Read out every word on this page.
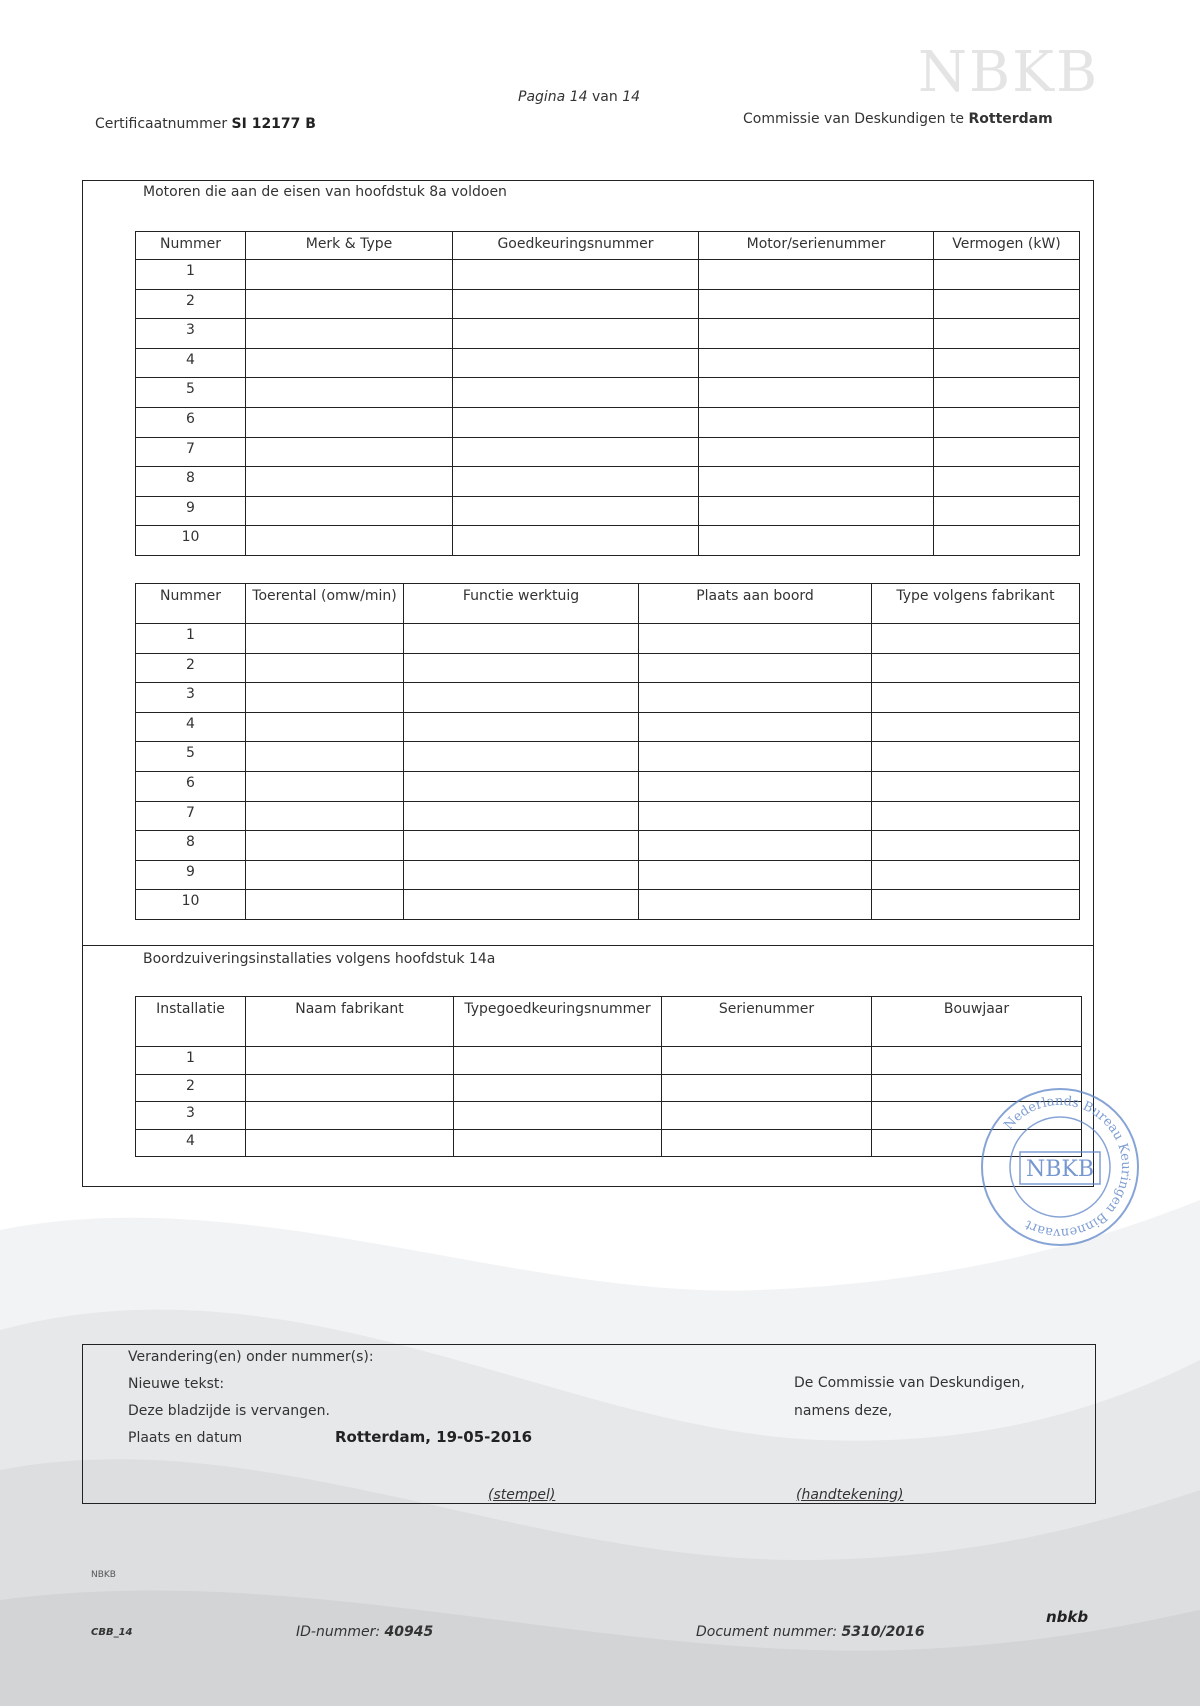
Certificaatnummer SI 12177 B
Pagina 14 van 14
Commissie van Deskundigen te Rotterdam
NBKB
Motoren die aan de eisen van hoofdstuk 8a voldoen
Nummer	Merk & Type	Goedkeuringsnummer	Motor/serienummer	Vermogen (kW)
1				
2				
3				
4				
5				
6				
7				
8				
9				
10				
Nummer	Toerental (omw/min)	Functie werktuig	Plaats aan boord	Type volgens fabrikant
1				
2				
3				
4				
5				
6				
7				
8				
9				
10				
Boordzuiveringsinstallaties volgens hoofdstuk 14a
Installatie	Naam fabrikant	Typegoedkeuringsnummer	Serienummer	Bouwjaar
1				
2				
3				
4				
Nederlands Bureau Keuringen Binnenvaart
NBKB
Verandering(en) onder nummer(s):
Nieuwe tekst:
Deze bladzijde is vervangen.
Plaats en datum	Rotterdam, 19-05-2016
De Commissie van Deskundigen,
namens deze,
(stempel)	(handtekening)
NBKB
CBB_14	ID-nummer: 40945	Document nummer: 5310/2016
nbkb
